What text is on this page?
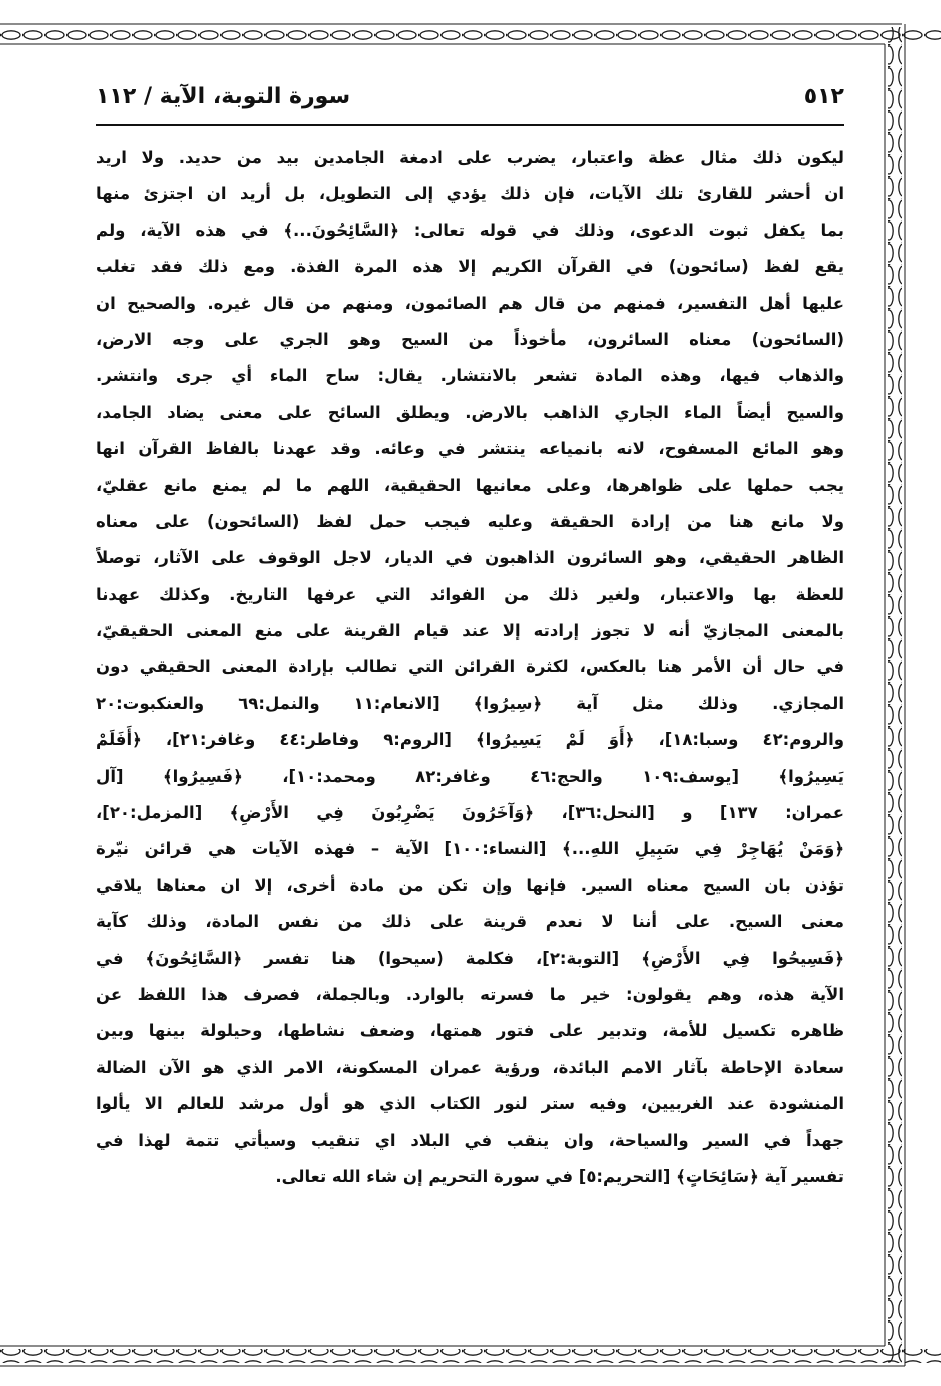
٥١٢
سورة التوبة، الآية / ١١٢
ليكون ذلك مثال عظة واعتبار، يضرب على ادمغة الجامدين بيد من حديد. ولا اريد
ان أحشر للقارئ تلك الآيات، فإن ذلك يؤدي إلى التطويل، بل أريد ان اجتزئ منها
بما يكفل ثبوت الدعوى، وذلك في قوله تعالى: ﴿السَّائِحُونَ...﴾ في هذه الآية، ولم
يقع لفظ (سائحون) في القرآن الكريم إلا هذه المرة الفذة. ومع ذلك فقد تغلب
عليها أهل التفسير، فمنهم من قال هم الصائمون، ومنهم من قال غيره. والصحيح ان
(السائحون) معناه السائرون، مأخوذاً من السيح وهو الجري على وجه الارض،
والذهاب فيها، وهذه المادة تشعر بالانتشار. يقال: ساح الماء أي جرى وانتشر.
والسيح أيضاً الماء الجاري الذاهب بالارض. ويطلق السائح على معنى يضاد الجامد،
وهو المائع المسفوح، لانه بانميا‌عه ينتشر في وعائه. وقد عهدنا بالفاظ القرآن انها
يجب حملها على ظواهرها، وعلى معانيها الحقيقية، اللهم ما لم يمنع مانع عقليّ،
ولا مانع هنا من إرادة الحقيقة وعليه فيجب حمل لفظ (السائحون) على معناه
الظاهر الحقيقي، وهو السائرون الذاهبون في الديار، لاجل الوقوف على الآثار، توصلاً
للعظة بها والاعتبار، ولغير ذلك من الفوائد التي عرفها التاريخ. وكذلك عهدنا
بالمعنى المجازيّ أنه لا تجوز إرادته إلا عند قيام القرينة على منع المعنى الحقيقيّ،
في حال أن الأمر هنا بالعكس، لكثرة القرائن التي تطالب بإرادة المعنى الحقيقي دون
المجازي. وذلك مثل آية ﴿سِيرُوا﴾ [الانعام:١١ والنمل:٦٩ والعنكبوت:٢٠
والروم:٤٢ وسبا:١٨]، ﴿أَوَ لَمْ يَسِيرُوا﴾ [الروم:٩ وفاطر:٤٤ وغافر:٢١]، ﴿أَفَلَمْ
يَسِيرُوا﴾ [يوسف:١٠٩ والحج:٤٦ وغافر:٨٢ ومحمد:١٠]، ﴿فَسِيرُوا﴾ [آل
عمران: ١٣٧] و [النحل:٣٦]، ﴿وَآخَرُونَ يَضْرِبُونَ فِي الأَرْضِ﴾ [المزمل:٢٠]،
﴿وَمَنْ يُهَاجِرْ فِي سَبِيلِ اللهِ...﴾ [النساء:١٠٠] الآية – فهذه الآيات هي قرائن نيّرة
تؤذن بان السيح معناه السير. فإنها وإن تكن من مادة أخرى، إلا ان معناها يلاقي
معنى السيح. على أننا لا نعدم قرينة على ذلك من نفس المادة، وذلك كآية
﴿فَسِيحُوا فِي الأَرْضِ﴾ [التوبة:٢]، فكلمة (سيحوا) هنا تفسر ﴿السَّائِحُونَ﴾ في
الآية هذه، وهم يقولون: خير ما فسرته بالوارد. وبالجملة، فصرف هذا اللفظ عن
ظاهره تكسيل للأمة، وتدبير على فتور همتها، وضعف نشاطها، وحيلولة بينها وبين
سعادة الإحاطة بآثار الامم البائدة، ورؤية عمران المسكونة، الامر الذي هو الآن الضالة
المنشودة عند الغربيين، وفيه ستر لنور الكتاب الذي هو أول مرشد للعالم الا يألوا
جهداً في السير والسياحة، وان ينقب في البلاد اي تنقيب وسيأتي تتمة لهذا في
تفسير آية ﴿سَائِحَاتٍ﴾ [التحريم:٥] في سورة التحريم إن شاء الله تعالى.
